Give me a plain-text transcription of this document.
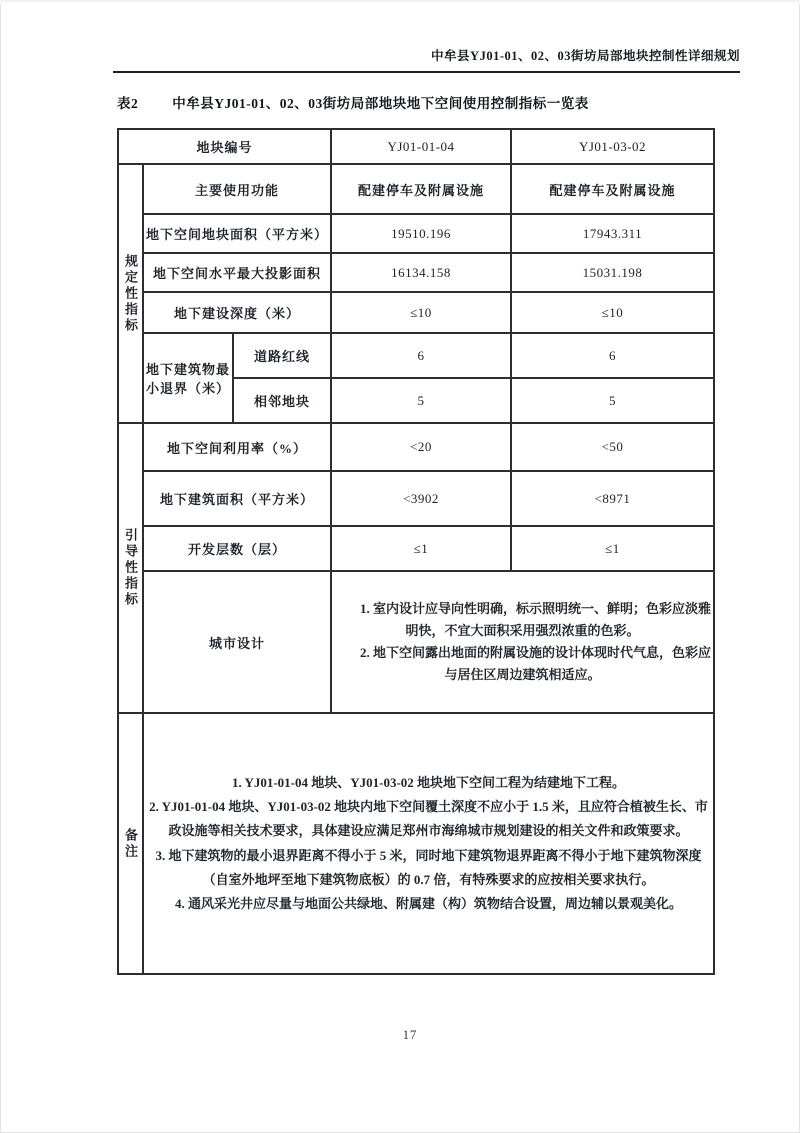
中牟县YJ01-01、02、03街坊局部地块控制性详细规划
表2	中牟县YJ01-01、02、03街坊局部地块地下空间使用控制指标一览表
地块编号			YJ01-01-04	YJ01-03-02
规定性指标	主要使用功能		配建停车及附属设施	配建停车及附属设施
	地下空间地块面积（平方米）		19510.196	17943.311
	地下空间水平最大投影面积		16134.158	15031.198
	地下建设深度（米）		≤10	≤10
	地下建筑物最小退界（米）	道路红线	6	6
		相邻地块	5	5
引导性指标	地下空间利用率（%）		<20	<50
	地下建筑面积（平方米）		<3902	<8971
	开发层数（层）		≤1	≤1
	城市设计		1. 室内设计应导向性明确，标示照明统一、鲜明；色彩应淡雅明快，不宜大面积采用强烈浓重的色彩。

2. 地下空间露出地面的附属设施的设计体现时代气息，色彩应与居住区周边建筑相适应。	

备注	1. YJ01-01-04 地块、YJ01-03-02 地块地下空间工程为结建地下工程。

2. YJ01-01-04 地块、YJ01-03-02 地块内地下空间覆土深度不应小于 1.5 米，且应符合植被生长、市政设施等相关技术要求，具体建设应满足郑州市海绵城市规划建设的相关文件和政策要求。

3. 地下建筑物的最小退界距离不得小于 5 米，同时地下建筑物退界距离不得小于地下建筑物深度（自室外地坪至地下建筑物底板）的 0.7 倍，有特殊要求的应按相关要求执行。

4. 通风采光井应尽量与地面公共绿地、附属建（构）筑物结合设置，周边辅以景观美化。			

17
